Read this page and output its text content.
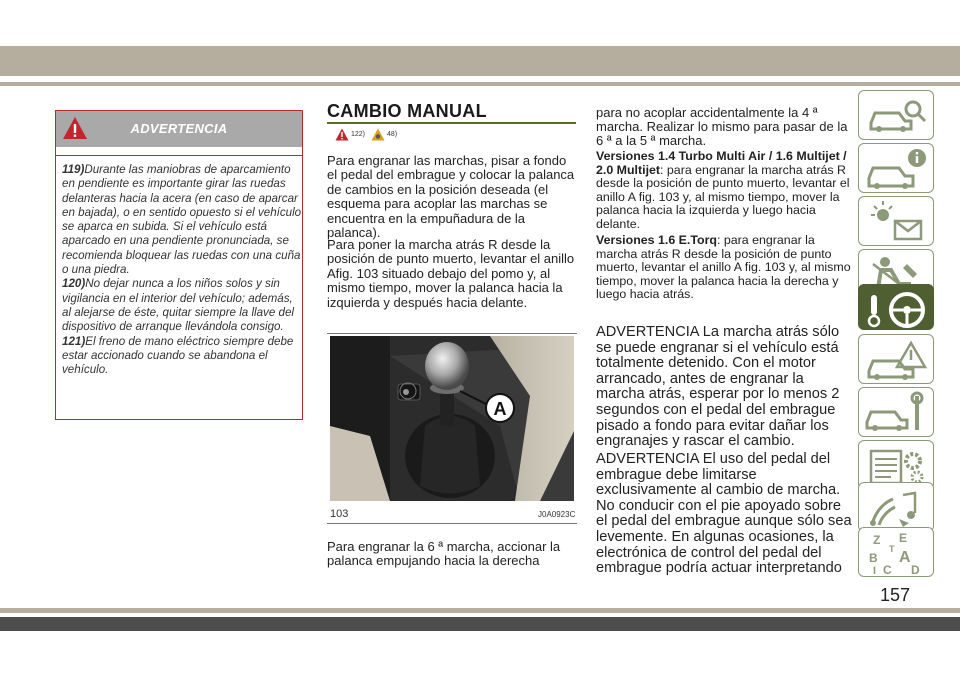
ADVERTENCIA

119)Durante las maniobras de aparcamiento en pendiente es importante girar las ruedas delanteras hacia la acera (en caso de aparcar en bajada), o en sentido opuesto si el vehículo se aparca en subida. Si el vehículo está aparcado en una pendiente pronunciada, se recomienda bloquear las ruedas con una cuña o una piedra.

120)No dejar nunca a los niños solos y sin vigilancia en el interior del vehículo; además, al alejarse de éste, quitar siempre la llave del dispositivo de arranque llevándola consigo.

121)El freno de mano eléctrico siempre debe estar accionado cuando se abandona el vehículo.

CAMBIO MANUAL
122)	48)

Para engranar las marchas, pisar a fondo el pedal del embrague y colocar la palanca de cambios en la posición deseada (el esquema para acoplar las marchas se encuentra en la empuñadura de la palanca).

Para poner la marcha atrás R desde la posición de punto muerto, levantar el anillo Afig. 103 situado debajo del pomo y, al mismo tiempo, mover la palanca hacia la izquierda y después hacia delante.

A
103	J0A0923C

Para engranar la 6 ª marcha, accionar la palanca empujando hacia la derecha

para no acoplar accidentalmente la 4 ª marcha. Realizar lo mismo para pasar de la 6 ª a la 5 ª marcha.

Versiones 1.4 Turbo Multi Air / 1.6 Multijet / 2.0 Multijet: para engranar la marcha atrás R desde la posición de punto muerto, levantar el anillo A fig. 103 y, al mismo tiempo, mover la palanca hacia la izquierda y luego hacia delante.

Versiones 1.6 E.Torq: para engranar la marcha atrás R desde la posición de punto muerto, levantar el anillo A fig. 103 y, al mismo tiempo, mover la palanca hacia la derecha y luego hacia atrás.

ADVERTENCIA La marcha atrás sólo se puede engranar si el vehículo está totalmente detenido. Con el motor arrancado, antes de engranar la marcha atrás, esperar por lo menos 2 segundos con el pedal del embrague pisado a fondo para evitar dañar los engranajes y rascar el cambio.

ADVERTENCIA El uso del pedal del embrague debe limitarse exclusivamente al cambio de marcha. No conducir con el pie apoyado sobre el pedal del embrague aunque sólo sea levemente. En algunas ocasiones, la electrónica de control del pedal del embrague podría actuar interpretando

Z E
B A
C D
I
T
157
